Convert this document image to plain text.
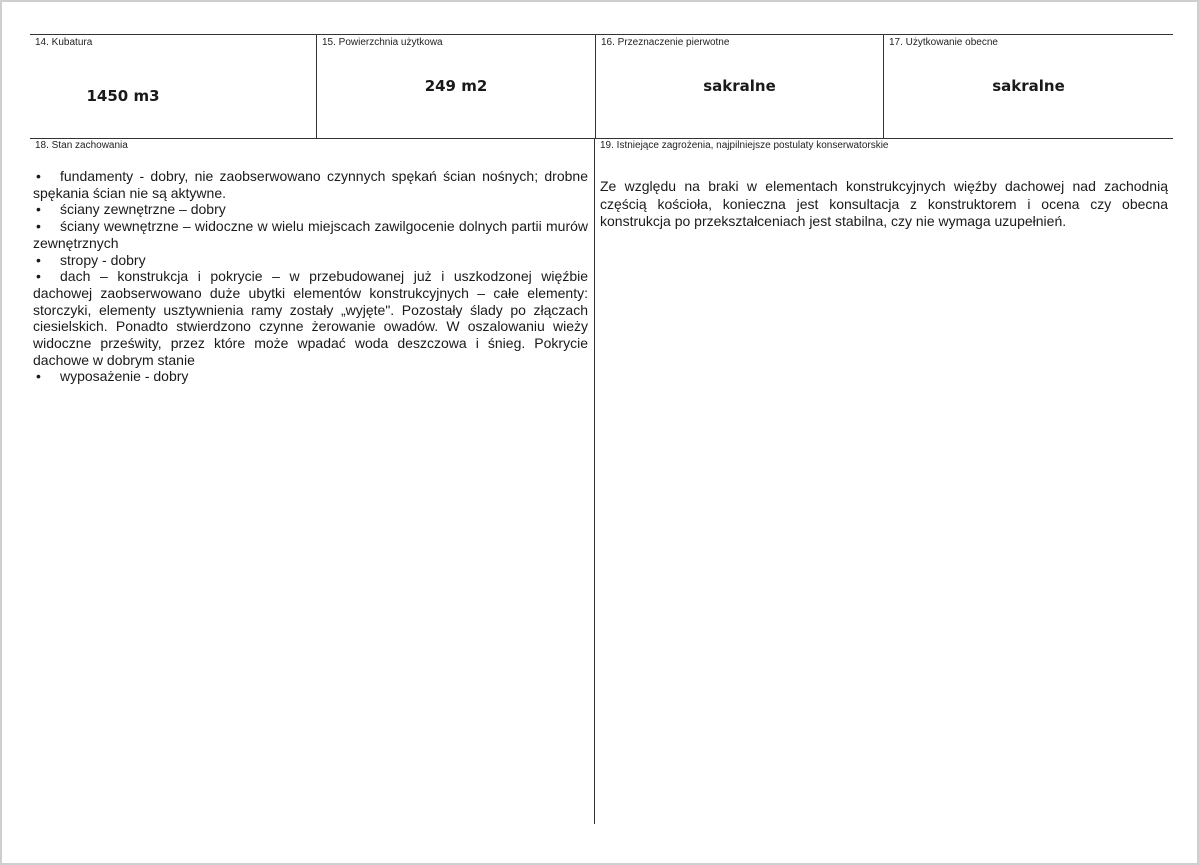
14. Kubatura
1450 m3
15. Powierzchnia użytkowa
249 m2
16. Przeznaczenie pierwotne
sakralne
17. Użytkowanie obecne
sakralne
18. Stan zachowania

• fundamenty - dobry, nie zaobserwowano czynnych spękań ścian nośnych; drobne spękania ścian nie są aktywne.

• ściany zewnętrzne – dobry

• ściany wewnętrzne – widoczne w wielu miejscach zawilgocenie dolnych partii murów zewnętrznych

• stropy - dobry

• dach – konstrukcja i pokrycie – w przebudowanej już i uszkodzonej więźbie dachowej zaobserwowano duże ubytki elementów konstrukcyjnych – całe elementy: storczyki, elementy usztywnienia ramy zostały „wyjęte". Pozostały ślady po złączach ciesielskich. Ponadto stwierdzono czynne żerowanie owadów. W oszalowaniu wieży widoczne prześwity, przez które może wpadać woda deszczowa i śnieg. Pokrycie dachowe w dobrym stanie

• wyposażenie - dobry

19. Istniejące zagrożenia, najpilniejsze postulaty konserwatorskie
Ze względu na braki w elementach konstrukcyjnych więźby dachowej nad zachodnią częścią kościoła, konieczna jest konsultacja z konstruktorem i ocena czy obecna konstrukcja po przekształceniach jest stabilna, czy nie wymaga uzupełnień.
